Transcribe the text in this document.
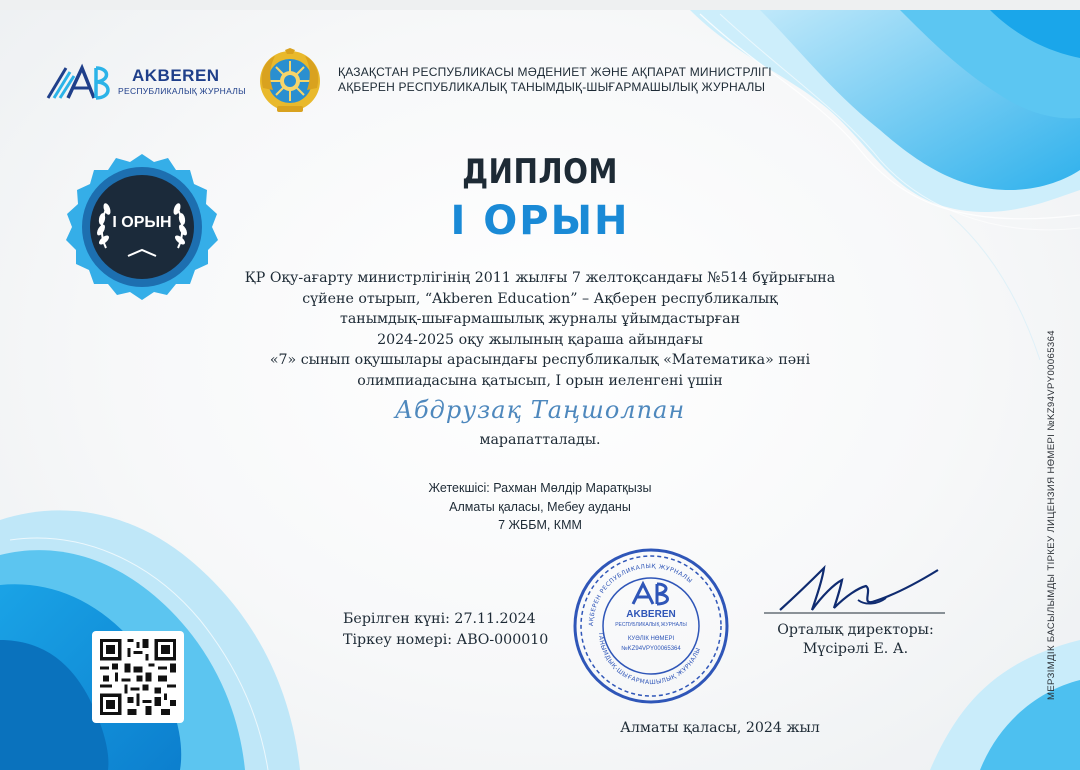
AKBEREN
РЕСПУБЛИКАЛЫҚ ЖУРНАЛЫ
ҚАЗАҚСТАН РЕСПУБЛИКАСЫ МӘДЕНИЕТ ЖӘНЕ АҚПАРАТ МИНИСТРЛІГІ
АҚБЕРЕН РЕСПУБЛИКАЛЫҚ ТАНЫМДЫҚ-ШЫҒАРМАШЫЛЫҚ ЖУРНАЛЫ
I ОРЫН
ДИПЛОМ
I ОРЫН
ҚР Оқу-ағарту министрлігінің 2011 жылғы 7 желтоқсандағы №514 бұйрығына
сүйене отырып, “Akberen Education” – Ақберен республикалық
танымдық-шығармашылық журналы ұйымдастырған
2024-2025 оқу жылының қараша айындағы
«7» сынып оқушылары арасындағы республикалық «Математика» пәні
олимпиадасына қатысып, I орын иеленгені үшін
Абдрузақ Таңшолпан
марапатталады.
Жетекшісі: Рахман Мөлдір Маратқызы
Алматы қаласы, Мебеу ауданы
7 ЖББМ, КММ
Берілген күні: 27.11.2024
Тіркеу номері: АВО-000010
АҚБЕРЕН РЕСПУБЛИКАЛЫҚ ЖУРНАЛЫ
ТАНЫМДЫҚ-ШЫҒАРМАШЫЛЫҚ ЖУРНАЛЫ
AKBEREN
РЕСПУБЛИКАЛЫҚ ЖУРНАЛЫ
КУӘЛІК НӨМЕРІ
№KZ94VPY00065364
Орталық директоры:
Мүсірәлі Е. А.
Алматы қаласы, 2024 жыл
МЕРЗІМДІК БАСЫЛЫМДЫ ТІРКЕУ ЛИЦЕНЗИЯ НӨМЕРІ №KZ94VPY00065364
